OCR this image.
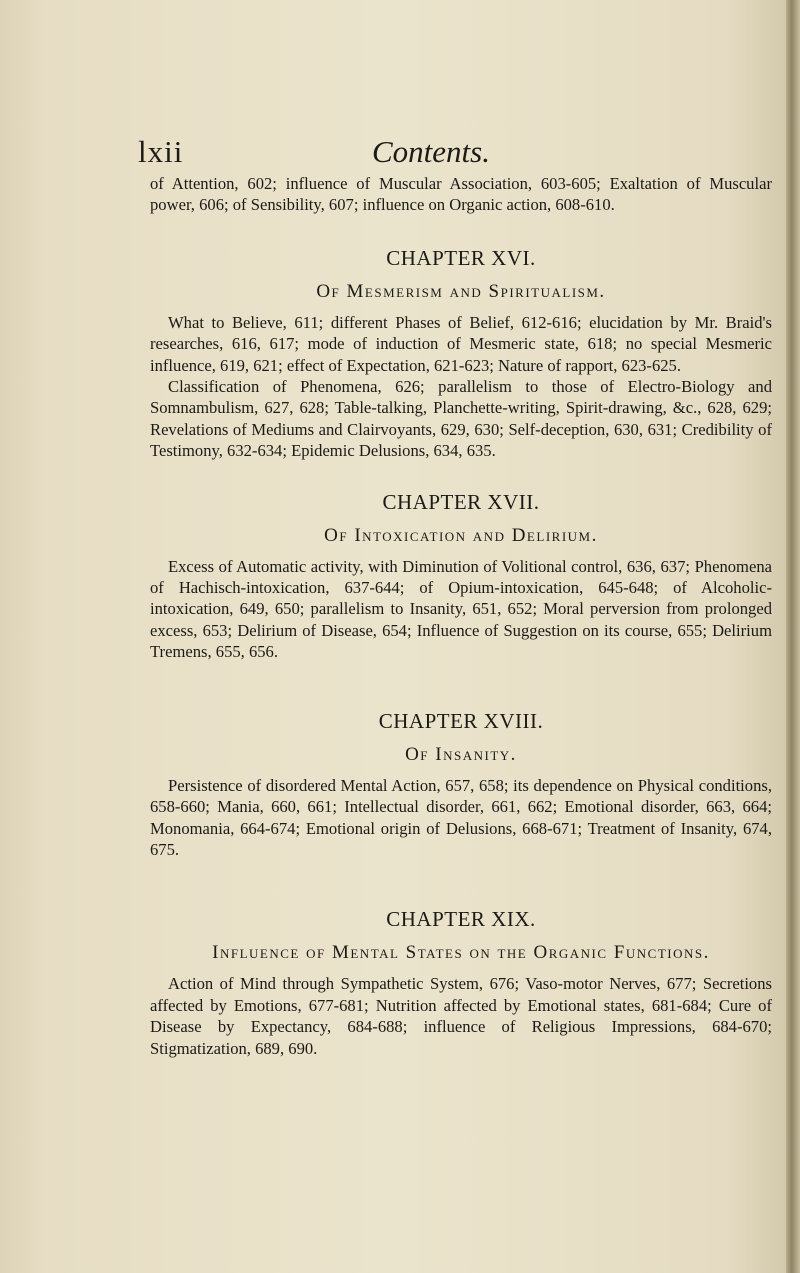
lxii	Contents.

of Attention, 602; influence of Muscular Association, 603-605; Exaltation of Muscular power, 606; of Sensibility, 607; influence on Organic action, 608-610.

CHAPTER XVI.

Of Mesmerism and Spiritualism.

What to Believe, 611; different Phases of Belief, 612-616; elucidation by Mr. Braid's researches, 616, 617; mode of induction of Mesmeric state, 618; no special Mesmeric influence, 619, 621; effect of Expectation, 621-623; Nature of rapport, 623-625.

Classification of Phenomena, 626; parallelism to those of Electro-Biology and Somnambulism, 627, 628; Table-talking, Planchette-writing, Spirit-drawing, &c., 628, 629; Revelations of Mediums and Clairvoyants, 629, 630; Self-deception, 630, 631; Credibility of Testimony, 632-634; Epidemic Delusions, 634, 635.

CHAPTER XVII.

Of Intoxication and Delirium.

Excess of Automatic activity, with Diminution of Volitional control, 636, 637; Phenomena of Hachisch-intoxication, 637-644; of Opium-intoxication, 645-648; of Alcoholic-intoxication, 649, 650; parallelism to Insanity, 651, 652; Moral perversion from prolonged excess, 653; Delirium of Disease, 654; Influence of Suggestion on its course, 655; Delirium Tremens, 655, 656.

CHAPTER XVIII.

Of Insanity.

Persistence of disordered Mental Action, 657, 658; its dependence on Physical conditions, 658-660; Mania, 660, 661; Intellectual disorder, 661, 662; Emotional disorder, 663, 664; Monomania, 664-674; Emotional origin of Delusions, 668-671; Treatment of Insanity, 674, 675.

CHAPTER XIX.

Influence of Mental States on the Organic Functions.

Action of Mind through Sympathetic System, 676; Vaso-motor Nerves, 677; Secretions affected by Emotions, 677-681; Nutrition affected by Emotional states, 681-684; Cure of Disease by Expectancy, 684-688; influence of Religious Impressions, 684-670; Stigmatization, 689, 690.
